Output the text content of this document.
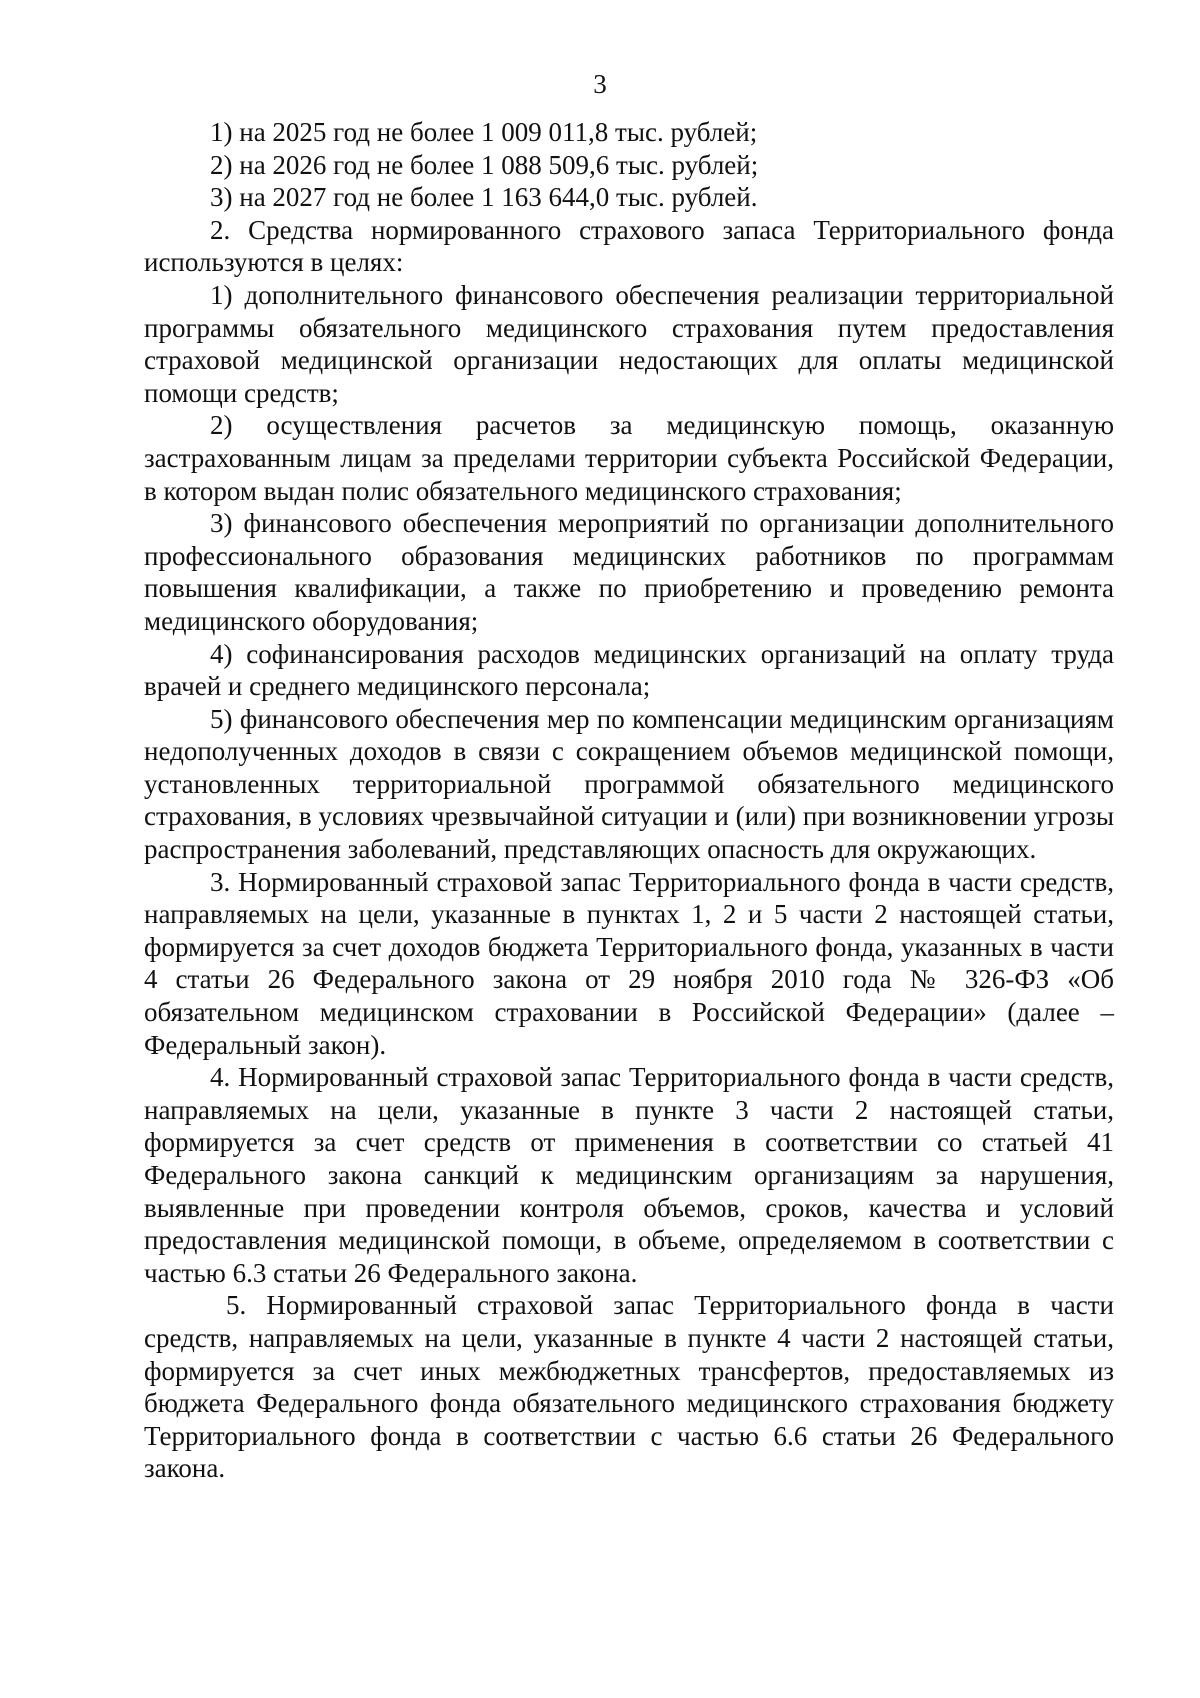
3

1) на 2025 год не более 1 009 011,8 тыс. рублей;

2) на 2026 год не более 1 088 509,6 тыс. рублей;

3) на 2027 год не более 1 163 644,0 тыс. рублей.

2. Средства нормированного страхового запаса Территориального фонда используются в целях:

1) дополнительного финансового обеспечения реализации территориальной программы обязательного медицинского страхования путем предоставления страховой медицинской организации недостающих для оплаты медицинской помощи средств;

2) осуществления расчетов за медицинскую помощь, оказанную застрахованным лицам за пределами территории субъекта Российской Федерации, в котором выдан полис обязательного медицинского страхования;

3) финансового обеспечения мероприятий по организации дополнительного профессионального образования медицинских работников по программам повышения квалификации, а также по приобретению и проведению ремонта медицинского оборудования;

4) софинансирования расходов медицинских организаций на оплату труда врачей и среднего медицинского персонала;

5) финансового обеспечения мер по компенсации медицинским организациям недополученных доходов в связи с сокращением объемов медицинской помощи, установленных территориальной программой обязательного медицинского страхования, в условиях чрезвычайной ситуации и (или) при возникновении угрозы распространения заболеваний, представляющих опасность для окружающих.

3. Нормированный страховой запас Территориального фонда в части средств, направляемых на цели, указанные в пунктах 1, 2 и 5 части 2 настоящей статьи, формируется за счет доходов бюджета Территориального фонда, указанных в части 4 статьи 26 Федерального закона от 29 ноября 2010 года № 326-ФЗ «Об обязательном медицинском страховании в Российской Федерации» (далее – Федеральный закон).

4. Нормированный страховой запас Территориального фонда в части средств, направляемых на цели, указанные в пункте 3 части 2 настоящей статьи, формируется за счет средств от применения в соответствии со статьей 41 Федерального закона санкций к медицинским организациям за нарушения, выявленные при проведении контроля объемов, сроков, качества и условий предоставления медицинской помощи, в объеме, определяемом в соответствии с частью 6.3 статьи 26 Федерального закона.

5. Нормированный страховой запас Территориального фонда в части средств, направляемых на цели, указанные в пункте 4 части 2 настоящей статьи, формируется за счет иных межбюджетных трансфертов, предоставляемых из бюджета Федерального фонда обязательного медицинского страхования бюджету Территориального фонда в соответствии с частью 6.6 статьи 26 Федерального закона.
